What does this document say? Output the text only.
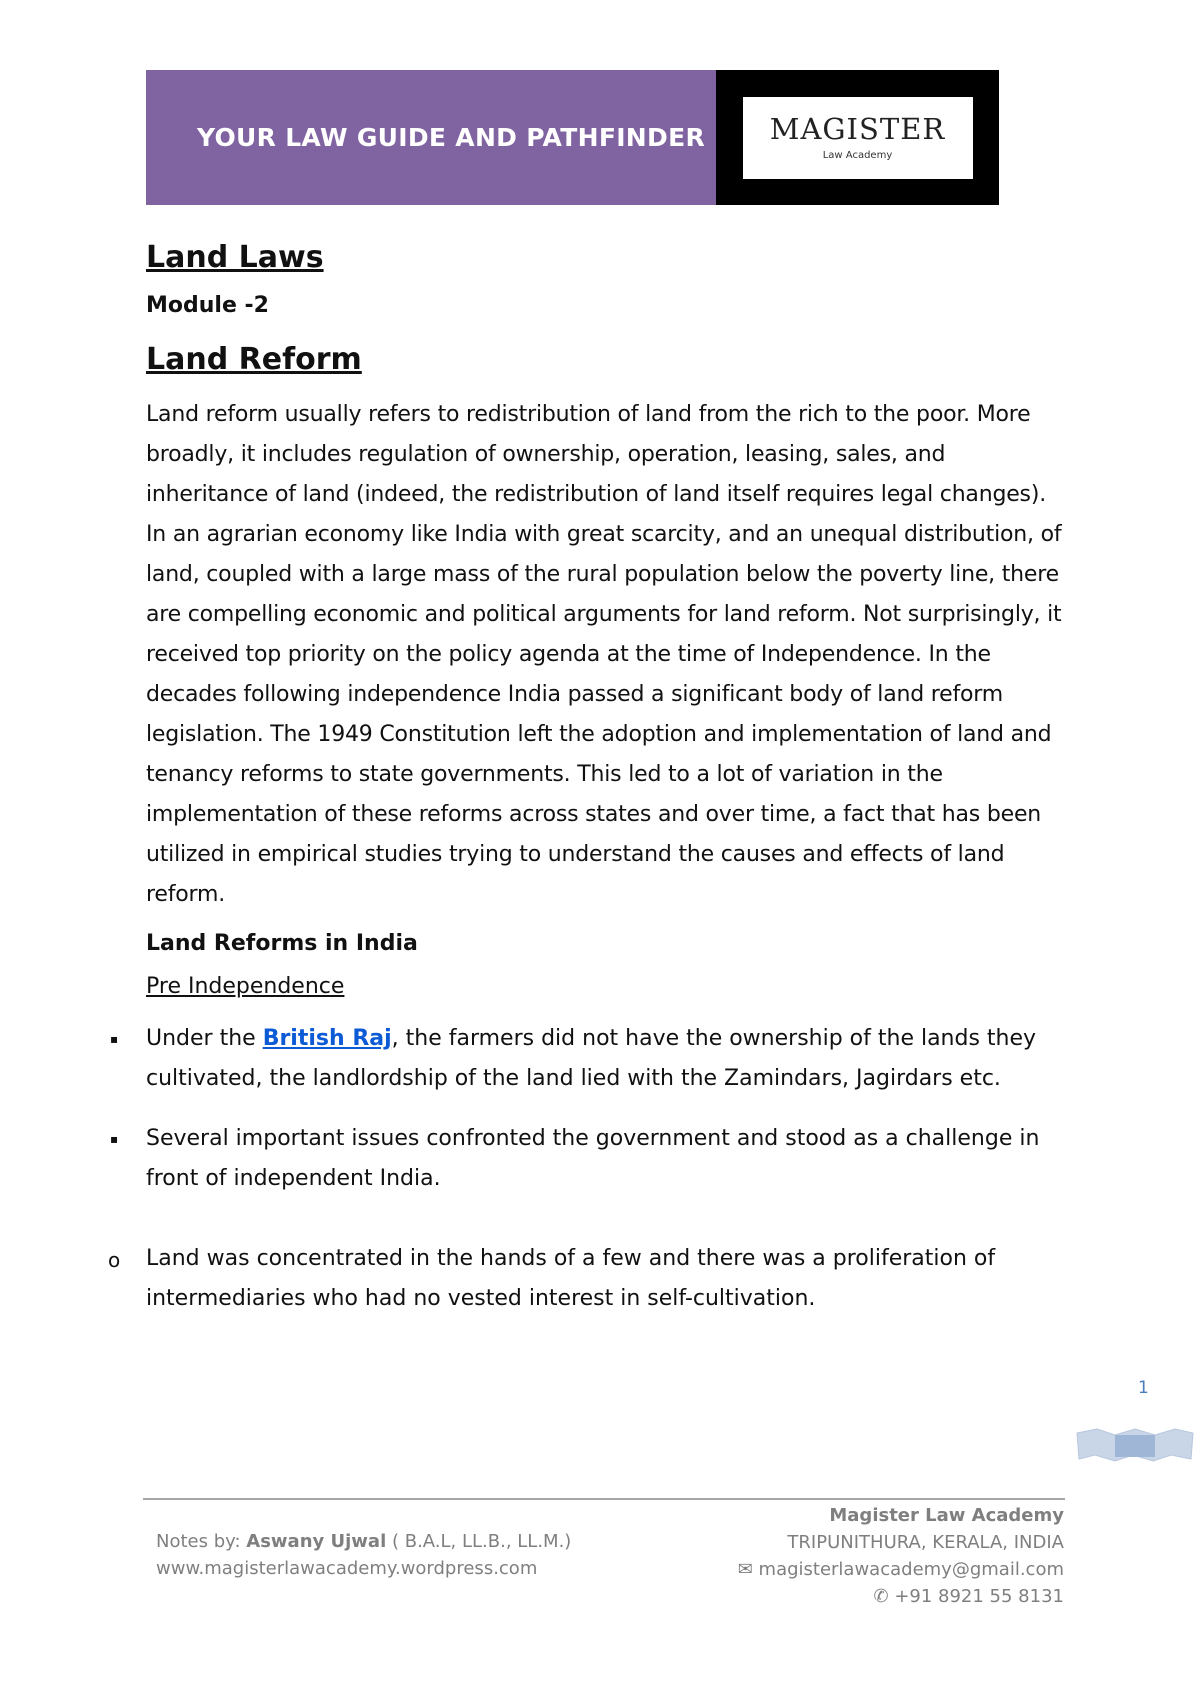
YOUR LAW GUIDE AND PATHFINDER MAGISTER
Law Academy
Land Laws
Module -2
Land Reform

Land reform usually refers to redistribution of land from the rich to the poor. More broadly, it includes regulation of ownership, operation, leasing, sales, and inheritance of land (indeed, the redistribution of land itself requires legal changes). In an agrarian economy like India with great scarcity, and an unequal distribution, of land, coupled with a large mass of the rural population below the poverty line, there are compelling economic and political arguments for land reform. Not surprisingly, it received top priority on the policy agenda at the time of Independence. In the decades following independence India passed a significant body of land reform legislation. The 1949 Constitution left the adoption and implementation of land and tenancy reforms to state governments. This led to a lot of variation in the implementation of these reforms across states and over time, a fact that has been utilized in empirical studies trying to understand the causes and effects of land reform.

Land Reforms in India
Pre Independence
▪ Under the British Raj, the farmers did not have the ownership of the lands they cultivated, the landlordship of the land lied with the Zamindars, Jagirdars etc.
▪ Several important issues confronted the government and stood as a challenge in front of independent India.
o Land was concentrated in the hands of a few and there was a proliferation of intermediaries who had no vested interest in self-cultivation.
1
Notes by: Aswany Ujwal ( B.A.L, LL.B., LL.M.)
www.magisterlawacademy.wordpress.com
Magister Law Academy
TRIPUNITHURA, KERALA, INDIA
✉ magisterlawacademy@gmail.com
✆ +91 8921 55 8131
